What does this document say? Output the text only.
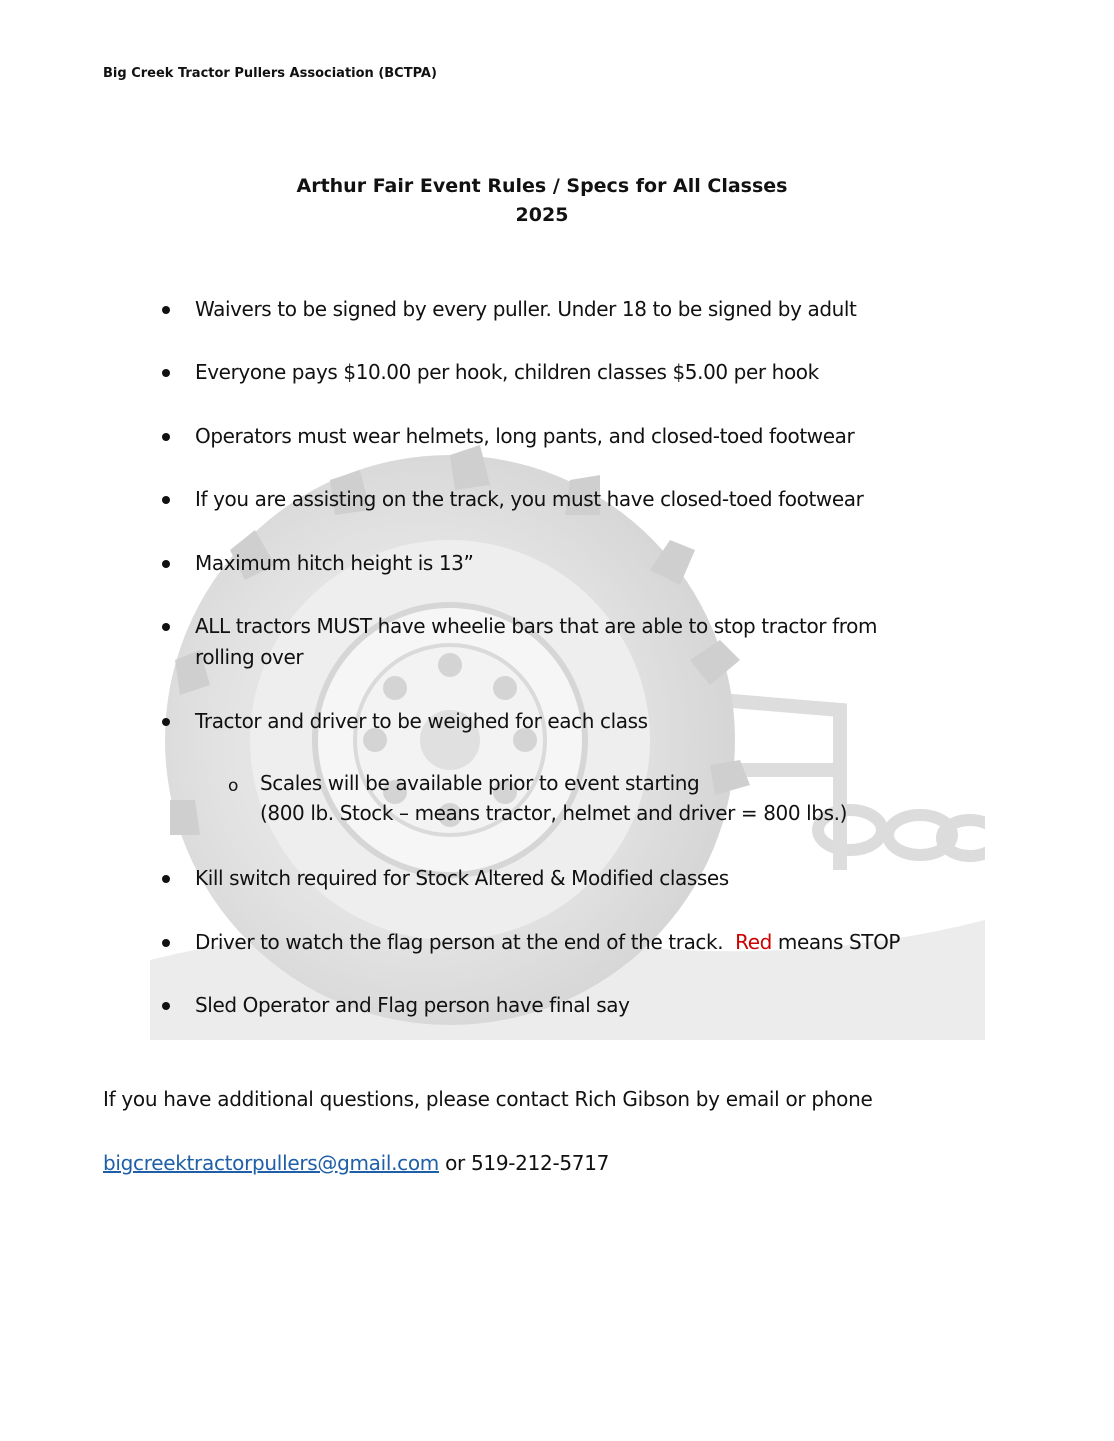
Big Creek Tractor Pullers Association (BCTPA)
Arthur Fair Event Rules / Specs for All Classes
2025
Waivers to be signed by every puller. Under 18 to be signed by adult
Everyone pays $10.00 per hook, children classes $5.00 per hook
Operators must wear helmets, long pants, and closed-toed footwear
If you are assisting on the track, you must have closed-toed footwear
Maximum hitch height is 13”
ALL tractors MUST have wheelie bars that are able to stop tractor from
rolling over
Tractor and driver to be weighed for each class
o Scales will be available prior to event starting
(800 lb. Stock – means tractor, helmet and driver = 800 lbs.)
Kill switch required for Stock Altered & Modified classes
Driver to watch the flag person at the end of the track. Red means STOP
Sled Operator and Flag person have final say
If you have additional questions, please contact Rich Gibson by email or phone
bigcreektractorpullers@gmail.com or 519-212-5717
